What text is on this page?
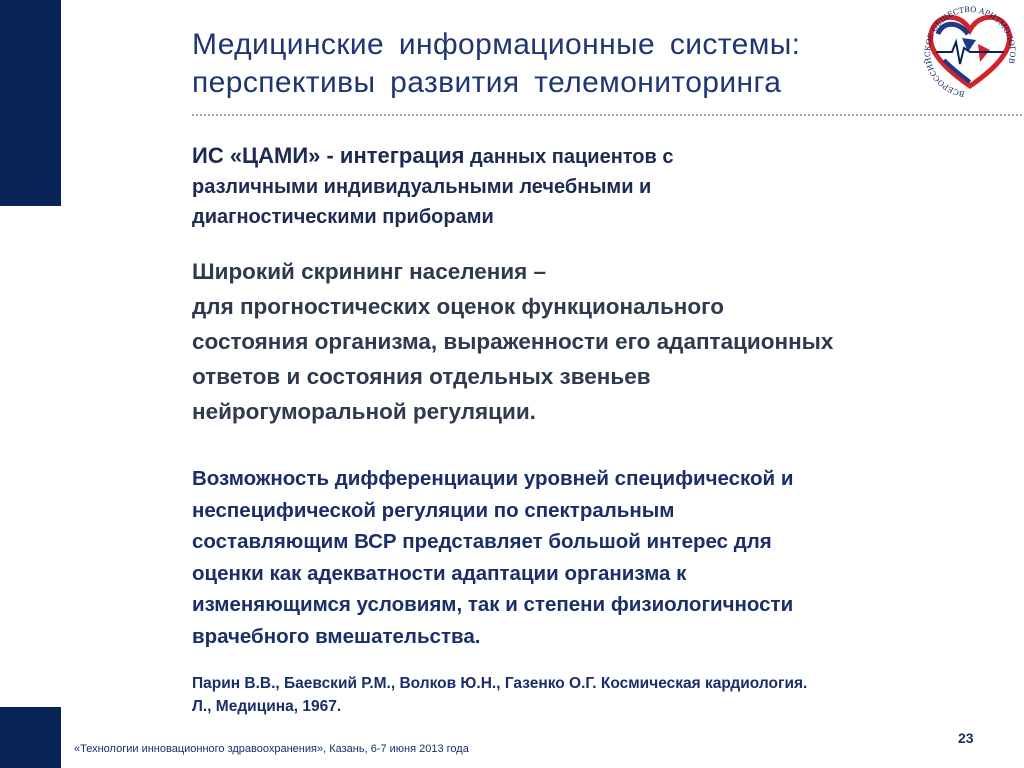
Медицинские информационные системы:
перспективы развития телемониторинга	ВСЕРОССИЙСКОЕ ОБЩЕСТВО АРИТМОЛОГОВ
ИС «ЦАМИ» - интеграция данных пациентов с
различными индивидуальными лечебными и
диагностическими приборами
Широкий скрининг населения –
для прогностических оценок функционального
состояния организма, выраженности его адаптационных
ответов и состояния отдельных звеньев
нейрогуморальной регуляции.
Возможность дифференциации уровней специфической и
неспецифической регуляции по спектральным
составляющим ВСР представляет большой интерес для
оценки как адекватности адаптации организма к
изменяющимся условиям, так и степени физиологичности
врачебного вмешательства.
Парин В.В., Баевский Р.М., Волков Ю.Н., Газенко О.Г. Космическая кардиология.
Л., Медицина, 1967.
23
«Технологии инновационного здравоохранения», Казань, 6-7 июня 2013 года
